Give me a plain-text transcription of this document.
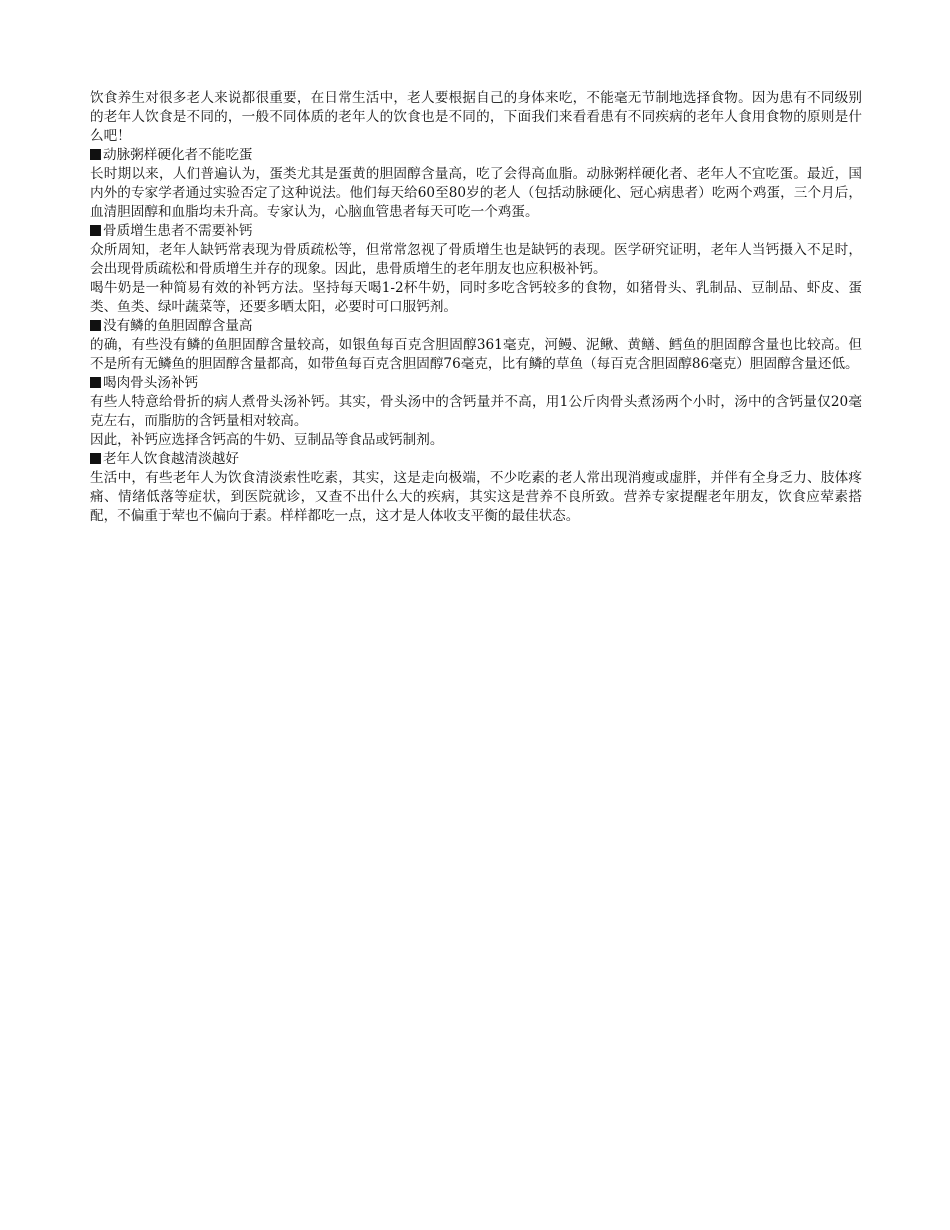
饮食养生对很多老人来说都很重要，在日常生活中，老人要根据自己的身体来吃，不能毫无节制地选择食物。因为患有不同级别的老年人饮食是不同的，一般不同体质的老年人的饮食也是不同的，下面我们来看看患有不同疾病的老年人食用食物的原则是什么吧！

动脉粥样硬化者不能吃蛋

长时期以来，人们普遍认为，蛋类尤其是蛋黄的胆固醇含量高，吃了会得高血脂。动脉粥样硬化者、老年人不宜吃蛋。最近，国内外的专家学者通过实验否定了这种说法。他们每天给60至80岁的老人（包括动脉硬化、冠心病患者）吃两个鸡蛋，三个月后，血清胆固醇和血脂均未升高。专家认为，心脑血管患者每天可吃一个鸡蛋。

骨质增生患者不需要补钙

众所周知，老年人缺钙常表现为骨质疏松等，但常常忽视了骨质增生也是缺钙的表现。医学研究证明，老年人当钙摄入不足时，会出现骨质疏松和骨质增生并存的现象。因此，患骨质增生的老年朋友也应积极补钙。

喝牛奶是一种简易有效的补钙方法。坚持每天喝1-2杯牛奶，同时多吃含钙较多的食物，如猪骨头、乳制品、豆制品、虾皮、蛋类、鱼类、绿叶蔬菜等，还要多晒太阳，必要时可口服钙剂。

没有鳞的鱼胆固醇含量高

的确，有些没有鳞的鱼胆固醇含量较高，如银鱼每百克含胆固醇361毫克，河鳗、泥鳅、黄鳝、鳕鱼的胆固醇含量也比较高。但不是所有无鳞鱼的胆固醇含量都高，如带鱼每百克含胆固醇76毫克，比有鳞的草鱼（每百克含胆固醇86毫克）胆固醇含量还低。

喝肉骨头汤补钙

有些人特意给骨折的病人煮骨头汤补钙。其实，骨头汤中的含钙量并不高，用1公斤肉骨头煮汤两个小时，汤中的含钙量仅20毫克左右，而脂肪的含钙量相对较高。

因此，补钙应选择含钙高的牛奶、豆制品等食品或钙制剂。

老年人饮食越清淡越好

生活中，有些老年人为饮食清淡索性吃素，其实，这是走向极端，不少吃素的老人常出现消瘦或虚胖，并伴有全身乏力、肢体疼痛、情绪低落等症状，到医院就诊，又查不出什么大的疾病，其实这是营养不良所致。营养专家提醒老年朋友，饮食应荤素搭配，不偏重于荤也不偏向于素。样样都吃一点，这才是人体收支平衡的最佳状态。
